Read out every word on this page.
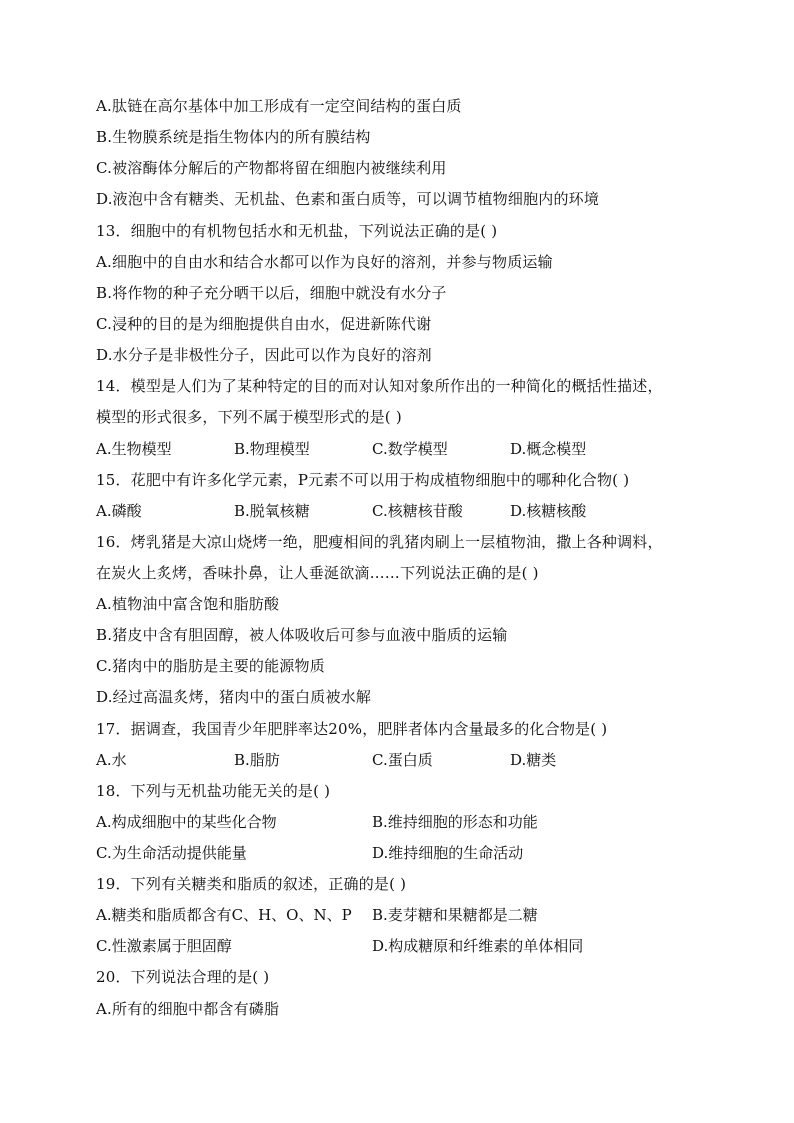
A.肽链在高尔基体中加工形成有一定空间结构的蛋白质
B.生物膜系统是指生物体内的所有膜结构
C.被溶酶体分解后的产物都将留在细胞内被继续利用
D.液泡中含有糖类、无机盐、色素和蛋白质等，可以调节植物细胞内的环境
13．细胞中的有机物包括水和无机盐，下列说法正确的是( )
A.细胞中的自由水和结合水都可以作为良好的溶剂，并参与物质运输
B.将作物的种子充分晒干以后，细胞中就没有水分子
C.浸种的目的是为细胞提供自由水，促进新陈代谢
D.水分子是非极性分子，因此可以作为良好的溶剂
14．模型是人们为了某种特定的目的而对认知对象所作出的一种简化的概括性描述，
模型的形式很多，下列不属于模型形式的是( )
A.生物模型	B.物理模型	C.数学模型	D.概念模型
15．花肥中有许多化学元素，P元素不可以用于构成植物细胞中的哪种化合物( )
A.磷酸	B.脱氧核糖	C.核糖核苷酸	D.核糖核酸
16．烤乳猪是大凉山烧烤一绝，肥瘦相间的乳猪肉刷上一层植物油，撒上各种调料，
在炭火上炙烤，香味扑鼻，让人垂涎欲滴……下列说法正确的是( )
A.植物油中富含饱和脂肪酸
B.猪皮中含有胆固醇，被人体吸收后可参与血液中脂质的运输
C.猪肉中的脂肪是主要的能源物质
D.经过高温炙烤，猪肉中的蛋白质被水解
17．据调查，我国青少年肥胖率达20%，肥胖者体内含量最多的化合物是( )
A.水	B.脂肪	C.蛋白质	D.糖类
18．下列与无机盐功能无关的是( )
A.构成细胞中的某些化合物	B.维持细胞的形态和功能
C.为生命活动提供能量	D.维持细胞的生命活动
19．下列有关糖类和脂质的叙述，正确的是( )
A.糖类和脂质都含有C、H、O、N、P B.麦芽糖和果糖都是二糖
C.性激素属于胆固醇	D.构成糖原和纤维素的单体相同
20．下列说法合理的是( )
A.所有的细胞中都含有磷脂
